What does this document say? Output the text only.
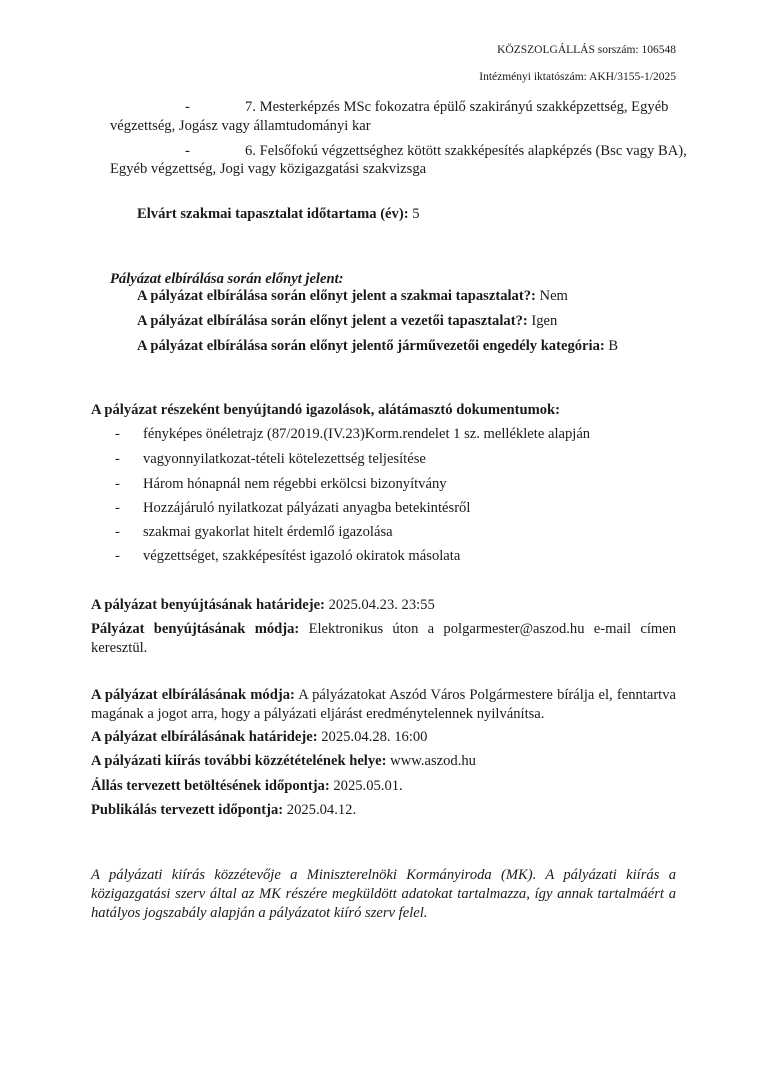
KÖZSZOLGÁLLÁS sorszám: 106548
Intézményi iktatószám: AKH/3155-1/2025
-	7. Mesterképzés MSc fokozatra épülő szakirányú szakképzettség, Egyéb
végzettség, Jogász vagy államtudományi kar
-	6. Felsőfokú végzettséghez kötött szakképesítés alapképzés (Bsc vagy BA),
Egyéb végzettség, Jogi vagy közigazgatási szakvizsga
Elvárt szakmai tapasztalat időtartama (év): 5
Pályázat elbírálása során előnyt jelent:
A pályázat elbírálása során előnyt jelent a szakmai tapasztalat?: Nem
A pályázat elbírálása során előnyt jelent a vezetői tapasztalat?: Igen
A pályázat elbírálása során előnyt jelentő járművezetői engedély kategória: B
A pályázat részeként benyújtandó igazolások, alátámasztó dokumentumok:
- fényképes önéletrajz (87/2019.(IV.23)Korm.rendelet 1 sz. melléklete alapján
- vagyonnyilatkozat-tételi kötelezettség teljesítése
- Három hónapnál nem régebbi erkölcsi bizonyítvány
- Hozzájáruló nyilatkozat pályázati anyagba betekintésről
- szakmai gyakorlat hitelt érdemlő igazolása
- végzettséget, szakképesítést igazoló okiratok másolata
A pályázat benyújtásának határideje: 2025.04.23. 23:55
Pályázat benyújtásának módja: Elektronikus úton a polgarmester@aszod.hu e-mail címen keresztül.
A pályázat elbírálásának módja: A pályázatokat Aszód Város Polgármestere bírálja el, fenntartva magának a jogot arra, hogy a pályázati eljárást eredménytelennek nyilvánítsa.
A pályázat elbírálásának határideje: 2025.04.28. 16:00
A pályázati kiírás további közzétételének helye: www.aszod.hu
Állás tervezett betöltésének időpontja: 2025.05.01.
Publikálás tervezett időpontja: 2025.04.12.
A pályázati kiírás közzétevője a Miniszterelnöki Kormányiroda (MK). A pályázati kiírás a közigazgatási szerv által az MK részére megküldött adatokat tartalmazza, így annak tartalmáért a hatályos jogszabály alapján a pályázatot kiíró szerv felel.
